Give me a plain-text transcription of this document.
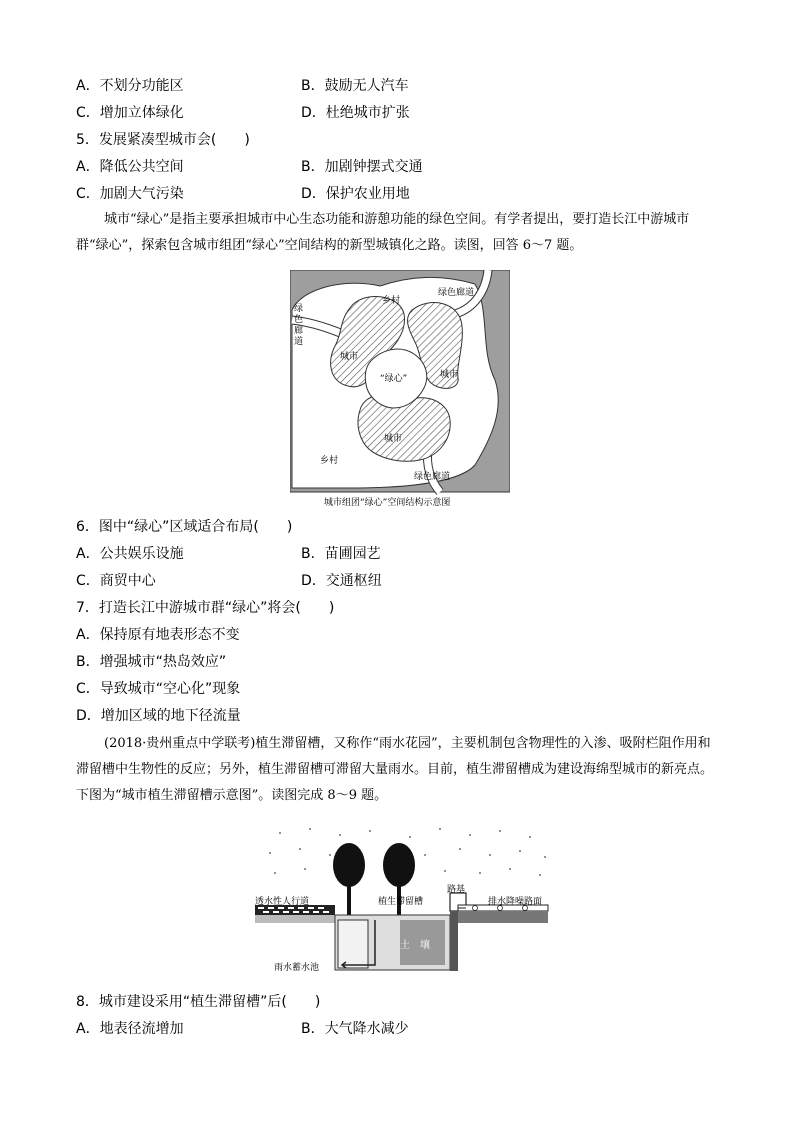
A．不划分功能区	B．鼓励无人汽车
C．增加立体绿化	D．杜绝城市扩张
5．发展紧凑型城市会(　　)
A．降低公共空间	B．加剧钟摆式交通
C．加剧大气污染	D．保护农业用地
城市“绿心”是指主要承担城市中心生态功能和游憩功能的绿色空间。有学者提出，要打造长江中游城市群“绿心”，探索包含城市组团“绿心”空间结构的新型城镇化之路。读图，回答 6～7 题。
乡村
绿色廊道
绿色廊道
城市
城市
“绿心”
城市
乡村
绿色廊道
城市组团“绿心”空间结构示意图
6．图中“绿心”区域适合布局(　　)
A．公共娱乐设施	B．苗圃园艺
C．商贸中心	D．交通枢纽
7．打造长江中游城市群“绿心”将会(　　)
A．保持原有地表形态不变
B．增强城市“热岛效应”
C．导致城市“空心化”现象
D．增加区域的地下径流量
(2018·贵州重点中学联考)植生滞留槽，又称作“雨水花园”，主要机制包含物理性的入渗、吸附栏阻作用和滞留槽中生物性的反应；另外，植生滞留槽可滞留大量雨水。目前，植生滞留槽成为建设海绵型城市的新亮点。下图为“城市植生滞留槽示意图”。读图完成 8～9 题。
路基
透水性人行道	植生滞留槽	排水降噪路面
土　壤
雨水蓄水池
8．城市建设采用“植生滞留槽”后(　　)
A．地表径流增加	B．大气降水减少
